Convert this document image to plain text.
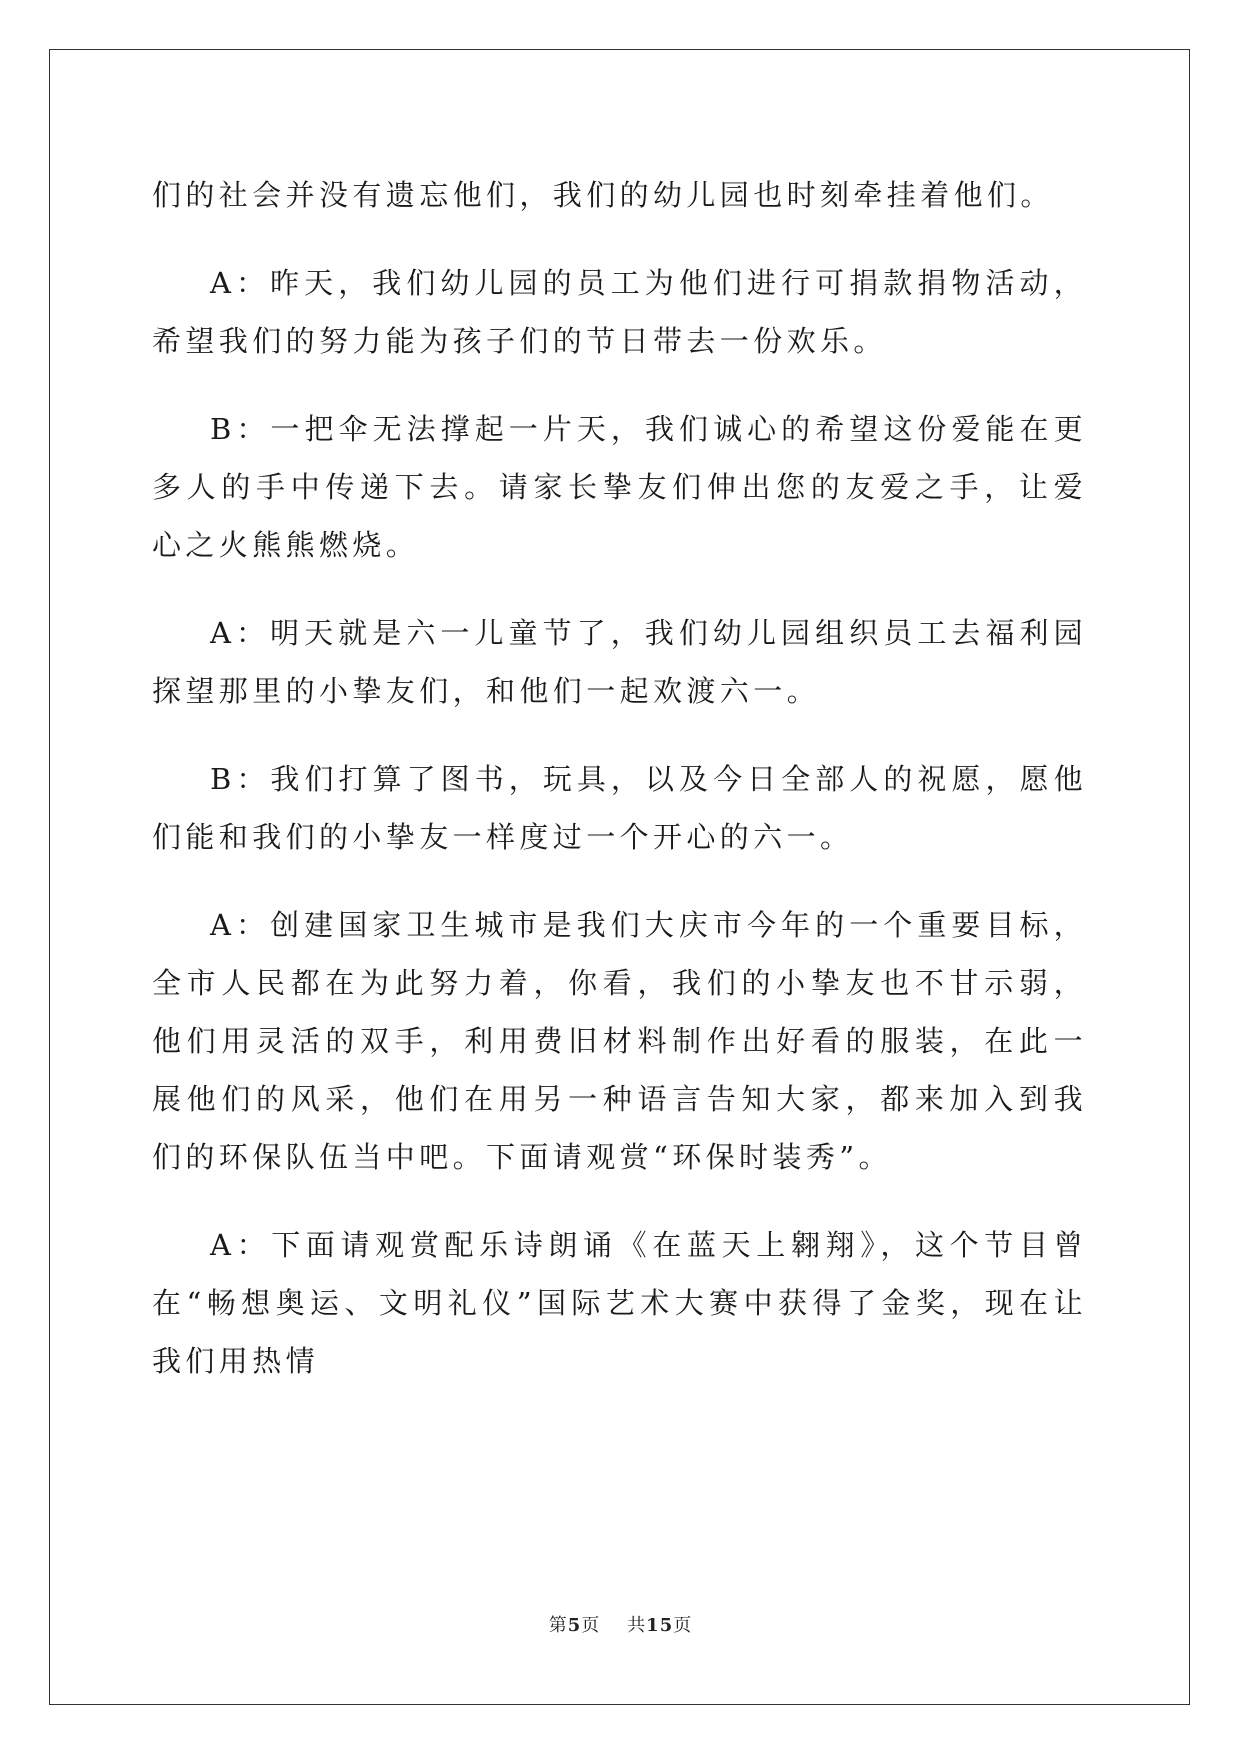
们的社会并没有遗忘他们，我们的幼儿园也时刻牵挂着他们。

A：昨天，我们幼儿园的员工为他们进行可捐款捐物活动，希望我们的努力能为孩子们的节日带去一份欢乐。

B：一把伞无法撑起一片天，我们诚心的希望这份爱能在更多人的手中传递下去。请家长挚友们伸出您的友爱之手，让爱心之火熊熊燃烧。

A：明天就是六一儿童节了，我们幼儿园组织员工去福利园探望那里的小挚友们，和他们一起欢渡六一。

B：我们打算了图书，玩具，以及今日全部人的祝愿，愿他们能和我们的小挚友一样度过一个开心的六一。

A：创建国家卫生城市是我们大庆市今年的一个重要目标，全市人民都在为此努力着，你看，我们的小挚友也不甘示弱，他们用灵活的双手，利用费旧材料制作出好看的服装，在此一展他们的风采，他们在用另一种语言告知大家，都来加入到我们的环保队伍当中吧。下面请观赏“环保时装秀”。

A：下面请观赏配乐诗朗诵《在蓝天上翱翔》，这个节目曾在“畅想奥运、文明礼仪”国际艺术大赛中获得了金奖，现在让我们用热情

第5页 共15页
